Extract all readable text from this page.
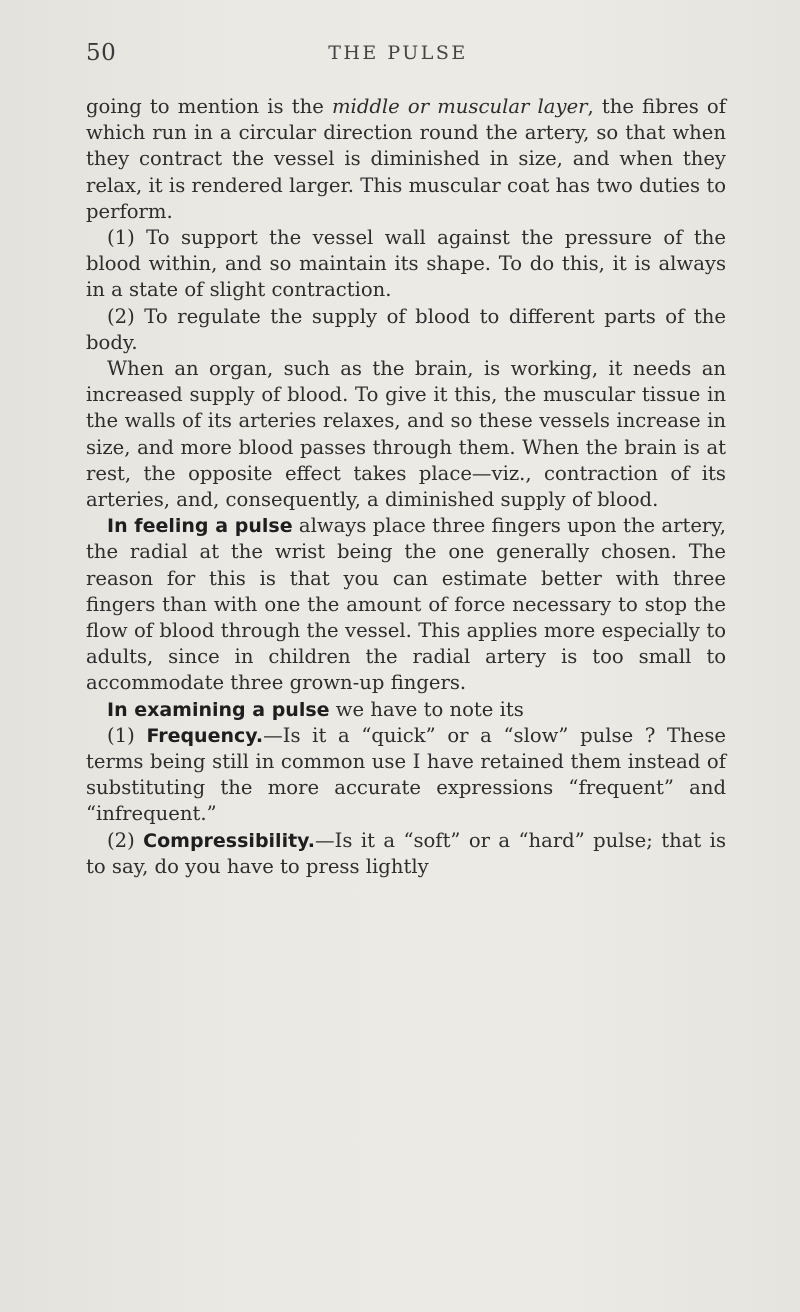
50	THE PULSE

going to mention is the middle or muscular layer, the fibres of which run in a circular direction round the artery, so that when they contract the vessel is diminished in size, and when they relax, it is rendered larger. This muscular coat has two duties to perform.

(1) To support the vessel wall against the pressure of the blood within, and so maintain its shape. To do this, it is always in a state of slight contraction.

(2) To regulate the supply of blood to different parts of the body.

When an organ, such as the brain, is working, it needs an increased supply of blood. To give it this, the muscular tissue in the walls of its arteries relaxes, and so these vessels increase in size, and more blood passes through them. When the brain is at rest, the opposite effect takes place—viz., contraction of its arteries, and, consequently, a diminished supply of blood.

In feeling a pulse always place three fingers upon the artery, the radial at the wrist being the one generally chosen. The reason for this is that you can estimate better with three fingers than with one the amount of force necessary to stop the flow of blood through the vessel. This applies more especially to adults, since in children the radial artery is too small to accommodate three grown-up fingers.

In examining a pulse we have to note its

(1) Frequency.—Is it a “quick” or a “slow” pulse ? These terms being still in common use I have retained them instead of substituting the more accurate expressions “frequent” and “infrequent.”

(2) Compressibility.—Is it a “soft” or a “hard” pulse; that is to say, do you have to press lightly
